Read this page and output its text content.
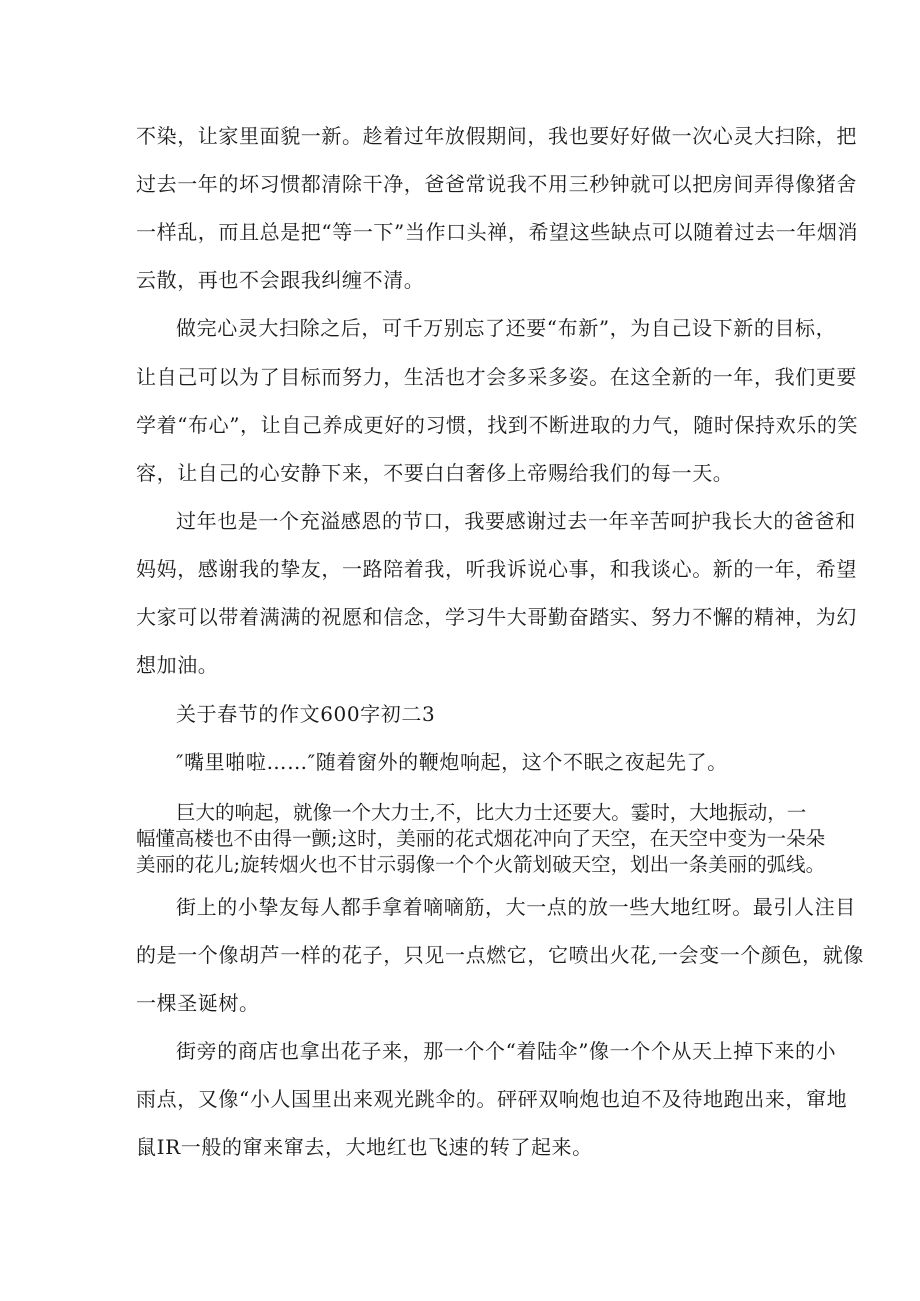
不染，让家里面貌一新。趁着过年放假期间，我也要好好做一次心灵大扫除，把
过去一年的坏习惯都清除干净，爸爸常说我不用三秒钟就可以把房间弄得像猪舍
一样乱，而且总是把“等一下”当作口头禅，希望这些缺点可以随着过去一年烟消
云散，再也不会跟我纠缠不清。
做完心灵大扫除之后，可千万别忘了还要“布新”，为自己设下新的目标，
让自己可以为了目标而努力，生活也才会多采多姿。在这全新的一年，我们更要
学着“布心”，让自己养成更好的习惯，找到不断进取的力气，随时保持欢乐的笑
容，让自己的心安静下来，不要白白奢侈上帝赐给我们的每一天。
过年也是一个充溢感恩的节口，我要感谢过去一年辛苦呵护我长大的爸爸和
妈妈，感谢我的挚友，一路陪着我，听我诉说心事，和我谈心。新的一年，希望
大家可以带着满满的祝愿和信念，学习牛大哥勤奋踏实、努力不懈的精神，为幻
想加油。
关于春节的作文600字初二3
″嘴里啪啦……″随着窗外的鞭炮响起，这个不眠之夜起先了。
巨大的响起，就像一个大力士,不，比大力士还要大。霎时，大地振动，一
幅懂高楼也不由得一颤;这时，美丽的花式烟花冲向了天空，在天空中变为一朵朵
美丽的花儿;旋转烟火也不甘示弱像一个个火箭划破天空，划出一条美丽的弧线。
街上的小挚友每人都手拿着嘀嘀筋，大一点的放一些大地红呀。最引人注目
的是一个像胡芦一样的花子，只见一点燃它，它喷出火花,一会变一个颜色，就像
一棵圣诞树。
街旁的商店也拿出花子来，那一个个“着陆伞”像一个个从天上掉下来的小
雨点，又像“小人国里出来观光跳伞的。砰砰双响炮也迫不及待地跑出来，窜地
鼠IR一般的窜来窜去，大地红也飞速的转了起来。
